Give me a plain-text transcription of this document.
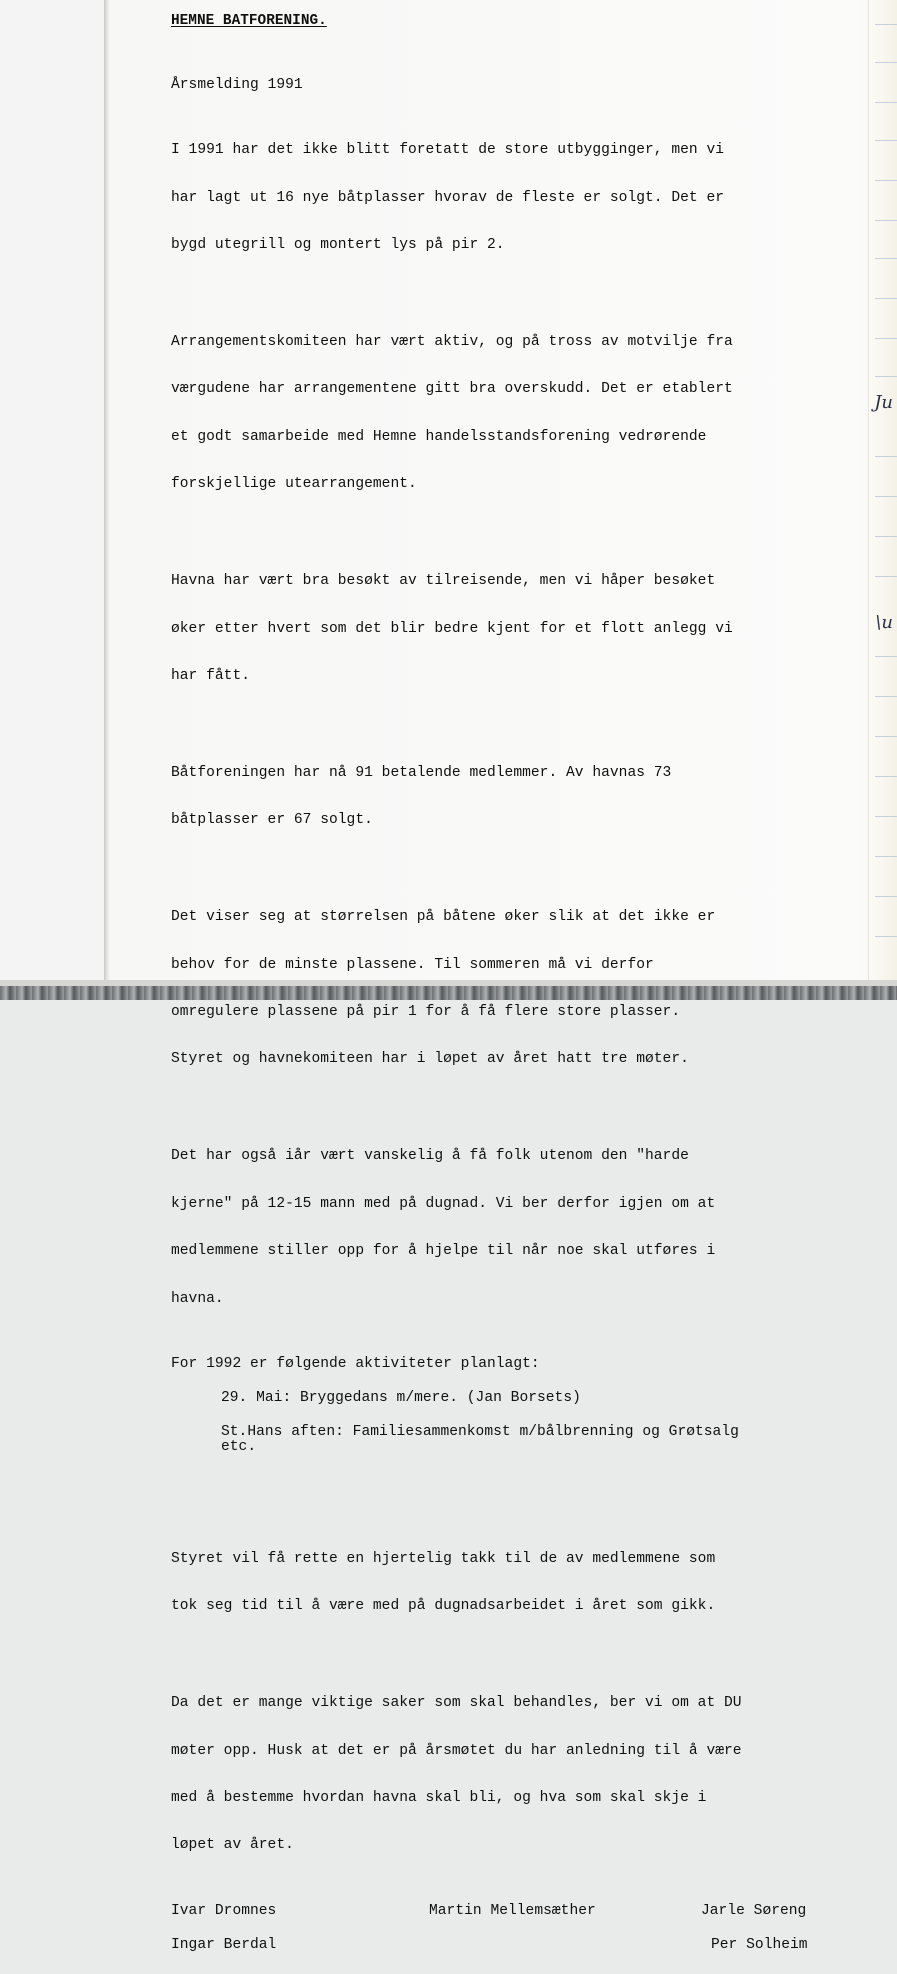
Ju
\u
HEMNE BATFORENING.
Årsmelding 1991

I 1991 har det ikke blitt foretatt de store utbygginger, men vi

har lagt ut 16 nye båtplasser hvorav de fleste er solgt. Det er

bygd utegrill og montert lys på pir 2.

Arrangementskomiteen har vært aktiv, og på tross av motvilje fra

værgudene har arrangementene gitt bra overskudd. Det er etablert

et godt samarbeide med Hemne handelsstandsforening vedrørende

forskjellige utearrangement.

Havna har vært bra besøkt av tilreisende, men vi håper besøket

øker etter hvert som det blir bedre kjent for et flott anlegg vi

har fått.

Båtforeningen har nå 91 betalende medlemmer. Av havnas 73

båtplasser er 67 solgt.

Det viser seg at størrelsen på båtene øker slik at det ikke er

behov for de minste plassene. Til sommeren må vi derfor

omregulere plassene på pir 1 for å få flere store plasser.

Styret og havnekomiteen har i løpet av året hatt tre møter.

Det har også iår vært vanskelig å få folk utenom den "harde

kjerne" på 12-15 mann med på dugnad. Vi ber derfor igjen om at

medlemmene stiller opp for å hjelpe til når noe skal utføres i

havna.

For 1992 er følgende aktiviteter planlagt:
29. Mai: Bryggedans m/mere. (Jan Borsets)
St.Hans aften: Familiesammenkomst m/bålbrenning og Grøtsalg
etc.

Styret vil få rette en hjertelig takk til de av medlemmene som

tok seg tid til å være med på dugnadsarbeidet i året som gikk.

Da det er mange viktige saker som skal behandles, ber vi om at DU

møter opp. Husk at det er på årsmøtet du har anledning til å være

med å bestemme hvordan havna skal bli, og hva som skal skje i

løpet av året.

Ivar Dromnes	Martin Mellemsæther	Jarle Søreng
Ingar Berdal	Per Solheim
